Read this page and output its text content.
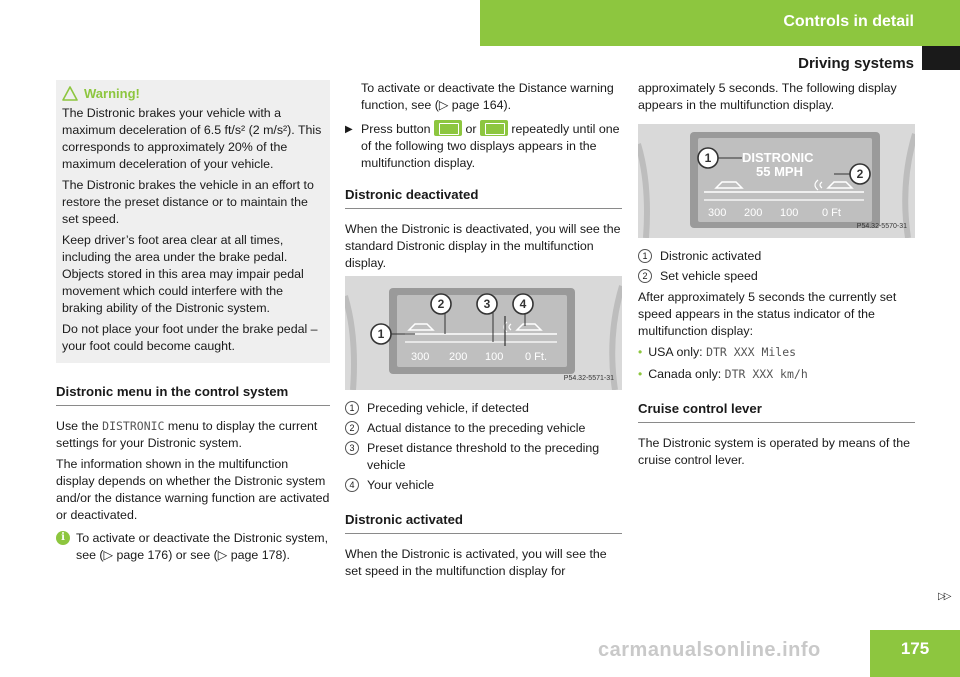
Controls in detail
Driving systems
Warning!

The Distronic brakes your vehicle with a maximum deceleration of 6.5 ft/s² (2 m/s²). This corresponds to approximately 20% of the maximum deceleration of your vehicle.

The Distronic brakes the vehicle in an effort to restore the preset distance or to maintain the set speed.

Keep driver’s foot area clear at all times, including the area under the brake pedal. Objects stored in this area may impair pedal movement which could interfere with the braking ability of the Distronic system.

Do not place your foot under the brake pedal – your foot could become caught.

Distronic menu in the control system

Use the DISTRONIC menu to display the current settings for your Distronic system.

The information shown in the multifunction display depends on whether the Distronic system and/or the distance warning function are activated or deactivated.

i To activate or deactivate the Distronic system, see (▷ page 176) or see (▷ page 178).

To activate or deactivate the Distance warning function, see (▷ page 164).

▶ Press button  or  repeatedly until one of the following two displays appears in the multifunction display.
Distronic deactivated

When the Distronic is deactivated, you will see the standard Distronic display in the multifunction display.

1
2	3 4
300 200 100 0 Ft.
P54.32-5571-31
1	Preceding vehicle, if detected
2	Actual distance to the preceding vehicle
3	Preset distance threshold to the preceding vehicle
4	Your vehicle
Distronic activated

When the Distronic is activated, you will see the set speed in the multifunction display for

approximately 5 seconds. The following display appears in the multifunction display.

DISTRONIC
55 MPH
1
2
300 200 100 0 Ft
P54.32-5570-31
1	Distronic activated
2	Set vehicle speed

After approximately 5 seconds the currently set speed appears in the status indicator of the multifunction display:

• USA only: DTR XXX Miles
• Canada only: DTR XXX km/h
Cruise control lever

The Distronic system is operated by means of the cruise control lever.

▷▷
carmanualsonline.info	175
